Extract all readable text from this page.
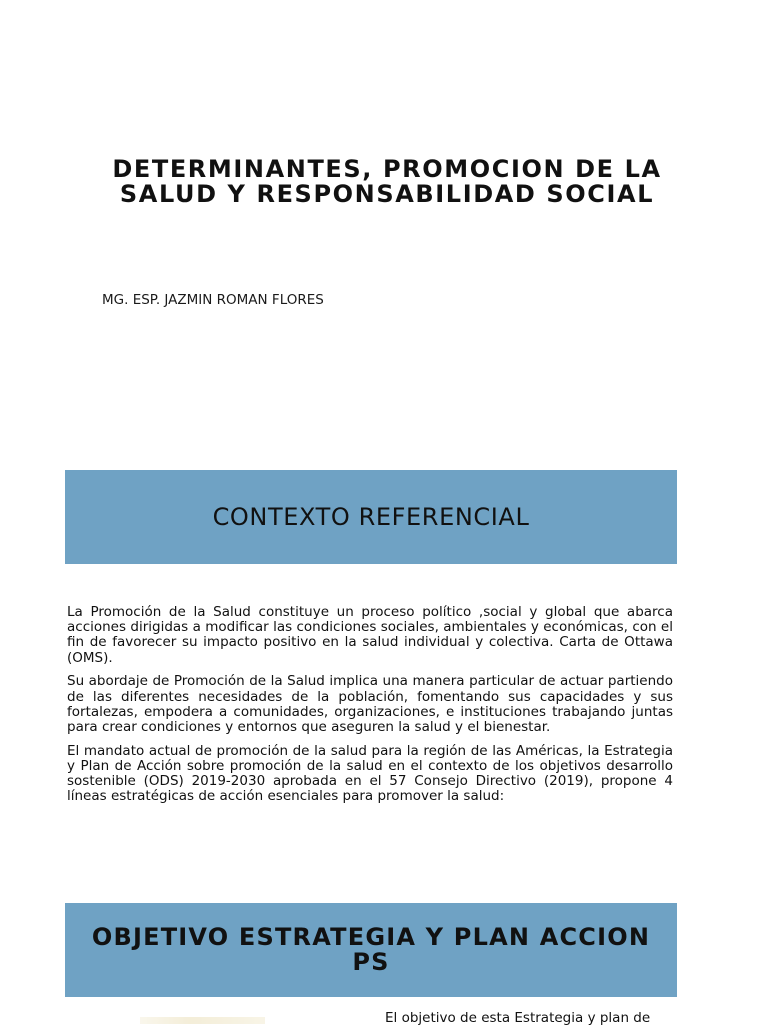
DETERMINANTES, PROMOCION DE LA
SALUD Y RESPONSABILIDAD SOCIAL

MG. ESP. JAZMIN ROMAN FLORES

CONTEXTO REFERENCIAL

La Promoción de la Salud constituye un proceso político ,social y global que abarca acciones dirigidas a modificar las condiciones sociales, ambientales y económicas, con el fin de favorecer su impacto positivo en la salud individual y colectiva. Carta de Ottawa (OMS).

Su abordaje de Promoción de la Salud implica una manera particular de actuar partiendo de las diferentes necesidades de la población, fomentando sus capacidades y sus fortalezas, empodera a comunidades, organizaciones, e instituciones trabajando juntas para crear condiciones y entornos que aseguren la salud y el bienestar.

El mandato actual de promoción de la salud para la región de las Américas, la Estrategia y Plan de Acción sobre promoción de la salud en el contexto de los objetivos desarrollo sostenible (ODS) 2019-2030 aprobada en el 57 Consejo Directivo (2019), propone 4 líneas estratégicas de acción esenciales para promover la salud:

OBJETIVO ESTRATEGIA Y PLAN ACCION PS

El objetivo de esta Estrategia y plan de
